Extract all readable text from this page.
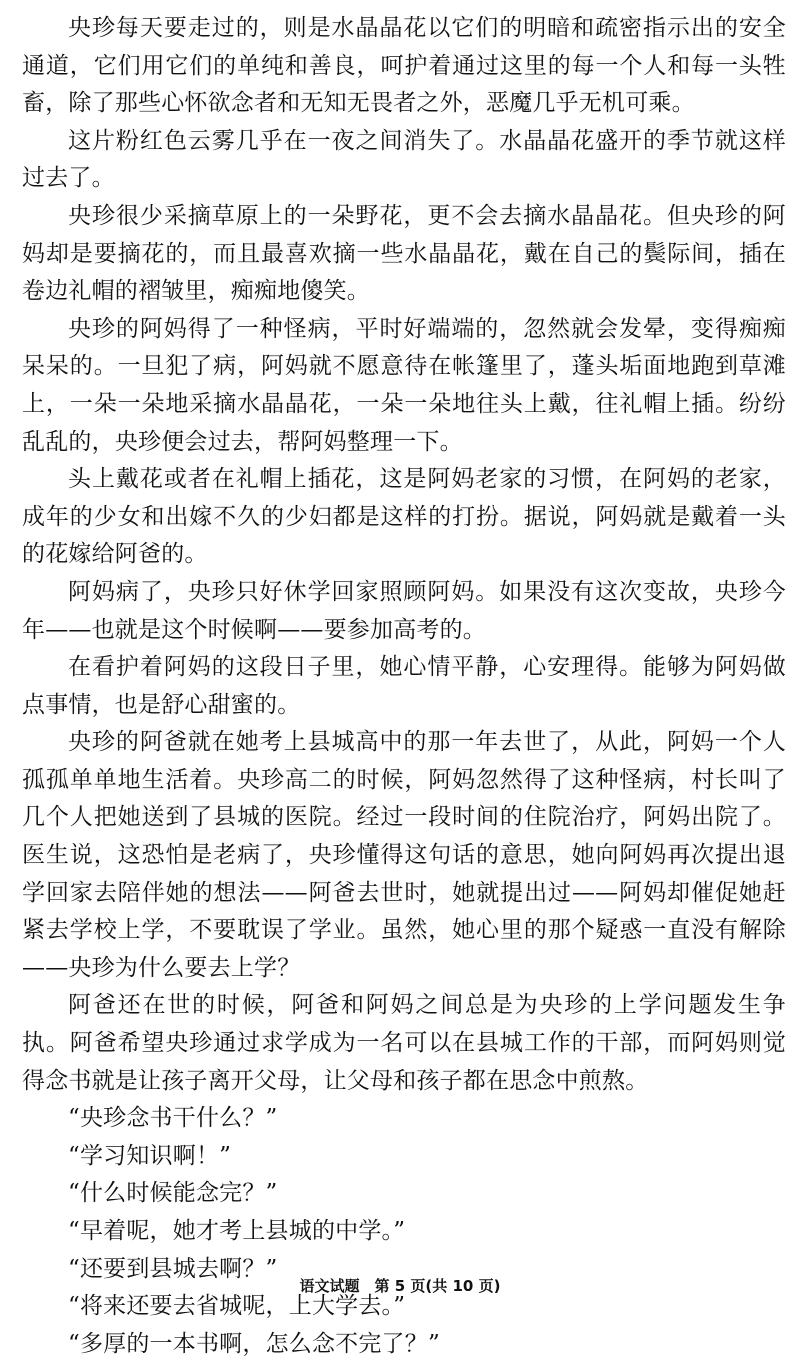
央珍每天要走过的，则是水晶晶花以它们的明暗和疏密指示出的安全通道，它们用它们的单纯和善良，呵护着通过这里的每一个人和每一头牲畜，除了那些心怀欲念者和无知无畏者之外，恶魔几乎无机可乘。

这片粉红色云雾几乎在一夜之间消失了。水晶晶花盛开的季节就这样过去了。

央珍很少采摘草原上的一朵野花，更不会去摘水晶晶花。但央珍的阿妈却是要摘花的，而且最喜欢摘一些水晶晶花，戴在自己的鬓际间，插在卷边礼帽的褶皱里，痴痴地傻笑。

央珍的阿妈得了一种怪病，平时好端端的，忽然就会发晕，变得痴痴呆呆的。一旦犯了病，阿妈就不愿意待在帐篷里了，蓬头垢面地跑到草滩上，一朵一朵地采摘水晶晶花，一朵一朵地往头上戴，往礼帽上插。纷纷乱乱的，央珍便会过去，帮阿妈整理一下。

头上戴花或者在礼帽上插花，这是阿妈老家的习惯，在阿妈的老家，成年的少女和出嫁不久的少妇都是这样的打扮。据说，阿妈就是戴着一头的花嫁给阿爸的。

阿妈病了，央珍只好休学回家照顾阿妈。如果没有这次变故，央珍今年——也就是这个时候啊——要参加高考的。

在看护着阿妈的这段日子里，她心情平静，心安理得。能够为阿妈做点事情，也是舒心甜蜜的。

央珍的阿爸就在她考上县城高中的那一年去世了，从此，阿妈一个人孤孤单单地生活着。央珍高二的时候，阿妈忽然得了这种怪病，村长叫了几个人把她送到了县城的医院。经过一段时间的住院治疗，阿妈出院了。医生说，这恐怕是老病了，央珍懂得这句话的意思，她向阿妈再次提出退学回家去陪伴她的想法——阿爸去世时，她就提出过——阿妈却催促她赶紧去学校上学，不要耽误了学业。虽然，她心里的那个疑惑一直没有解除——央珍为什么要去上学？

阿爸还在世的时候，阿爸和阿妈之间总是为央珍的上学问题发生争执。阿爸希望央珍通过求学成为一名可以在县城工作的干部，而阿妈则觉得念书就是让孩子离开父母，让父母和孩子都在思念中煎熬。

“央珍念书干什么？”

“学习知识啊！”

“什么时候能念完？”

“早着呢，她才考上县城的中学。”

“还要到县城去啊？”

“将来还要去省城呢，上大学去。”

“多厚的一本书啊，怎么念不完了？”

语文试题　第 5 页(共 10 页)
